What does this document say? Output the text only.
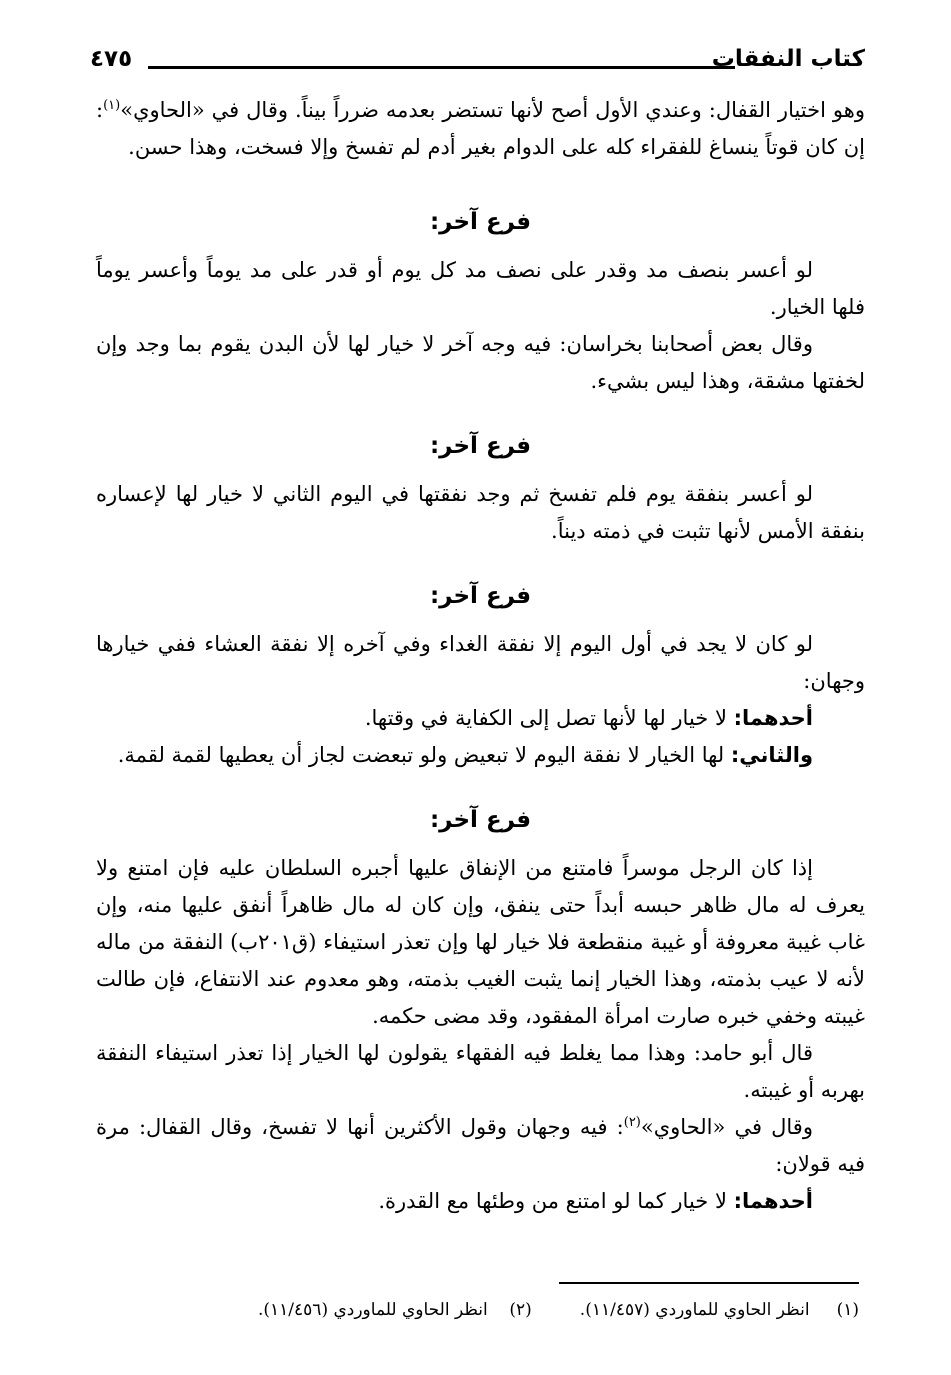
كتاب النفقات
٤٧٥

وهو اختيار القفال: وعندي الأول أصح لأنها تستضر بعدمه ضرراً بيناً. وقال في «الحاوي»$^{(١)}$: إن كان قوتاً ينساغ للفقراء كله على الدوام بغير أدم لم تفسخ وإلا فسخت، وهذا حسن.

فرع آخر:

لو أعسر بنصف مد وقدر على نصف مد كل يوم أو قدر على مد يوماً وأعسر يوماً فلها الخيار.

وقال بعض أصحابنا بخراسان: فيه وجه آخر لا خيار لها لأن البدن يقوم بما وجد وإن لخفتها مشقة، وهذا ليس بشيء.

فرع آخر:

لو أعسر بنفقة يوم فلم تفسخ ثم وجد نفقتها في اليوم الثاني لا خيار لها لإعساره بنفقة الأمس لأنها تثبت في ذمته ديناً.

فرع آخر:

لو كان لا يجد في أول اليوم إلا نفقة الغداء وفي آخره إلا نفقة العشاء ففي خيارها وجهان:

أحدهما: لا خيار لها لأنها تصل إلى الكفاية في وقتها.

والثاني: لها الخيار لا نفقة اليوم لا تبعيض ولو تبعضت لجاز أن يعطيها لقمة لقمة.

فرع آخر:

إذا كان الرجل موسراً فامتنع من الإنفاق عليها أجبره السلطان عليه فإن امتنع ولا يعرف له مال ظاهر حبسه أبداً حتى ينفق، وإن كان له مال ظاهراً أنفق عليها منه، وإن غاب غيبة معروفة أو غيبة منقطعة فلا خيار لها وإن تعذر استيفاء (ق٢٠١ب) النفقة من ماله لأنه لا عيب بذمته، وهذا الخيار إنما يثبت الغيب بذمته، وهو معدوم عند الانتفاع، فإن طالت غيبته وخفي خبره صارت امرأة المفقود، وقد مضى حكمه.

قال أبو حامد: وهذا مما يغلط فيه الفقهاء يقولون لها الخيار إذا تعذر استيفاء النفقة بهربه أو غيبته.

وقال في «الحاوي»$^{(٢)}$: فيه وجهان وقول الأكثرين أنها لا تفسخ، وقال القفال: مرة فيه قولان:

أحدهما: لا خيار كما لو امتنع من وطئها مع القدرة.

(١)     انظر الحاوي للماوردي (١١/٤٥٧).(٢)    انظر الحاوي للماوردي (١١/٤٥٦).
